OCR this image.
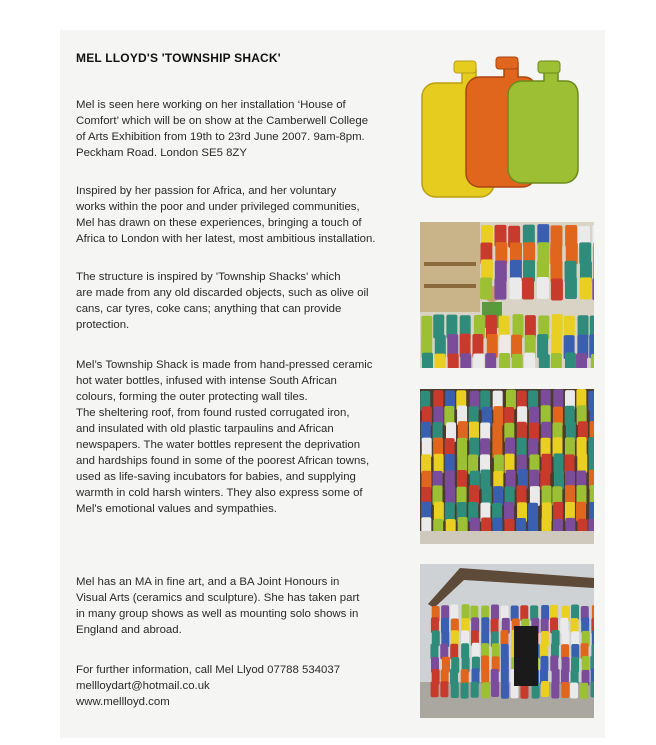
MEL LLOYD'S 'TOWNSHIP SHACK'
Mel is seen here working on her installation ‘House of
Comfort’ which will be on show at the Camberwell College
of Arts Exhibition from 19th to 23rd June 2007. 9am-8pm.
Peckham Road. London SE5 8ZY
Inspired by her passion for Africa, and her voluntary
works within the poor and under privileged communities,
Mel has drawn on these experiences, bringing a touch of
Africa to London with her latest, most ambitious installation.
The structure is inspired by 'Township Shacks' which
are made from any old discarded objects, such as olive oil
cans, car tyres, coke cans; anything that can provide
protection.
Mel’s Township Shack is made from hand-pressed ceramic
hot water bottles, infused with intense South African
colours, forming the outer protecting wall tiles.
The sheltering roof, from found rusted corrugated iron,
and insulated with old plastic tarpaulins and African
newspapers. The water bottles represent the deprivation
and hardships found in some of the poorest African towns,
used as life-saving incubators for babies, and supplying
warmth in cold harsh winters. They also express some of
Mel's emotional values and sympathies.
Mel has an MA in fine art, and a BA Joint Honours in
Visual Arts (ceramics and sculpture). She has taken part
in many group shows as well as mounting solo shows in
England and abroad.
For further information, call Mel Llyod 07788 534037
mellloydart@hotmail.co.uk
www.mellloyd.com
